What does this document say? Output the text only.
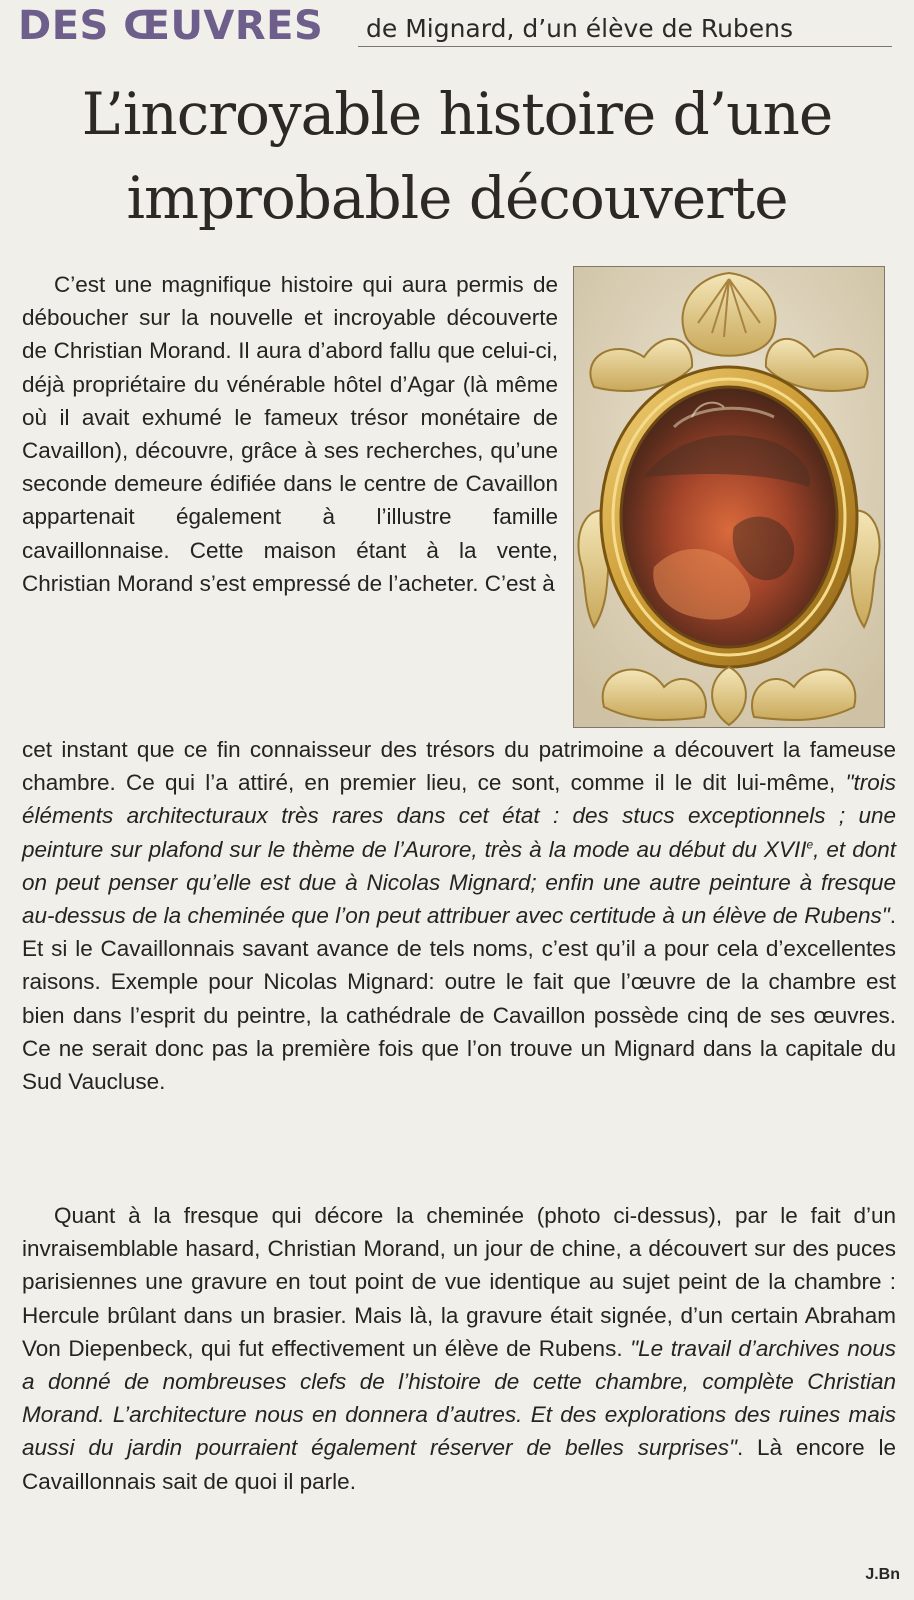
DES ŒUVRES de Mignard, d’un élève de Rubens
L’incroyable histoire d’une
improbable découverte
C’est une magnifique histoire qui aura permis de déboucher sur la nouvelle et incroyable découverte de Christian Morand. Il aura d’abord fallu que celui-ci, déjà propriétaire du vénérable hôtel d’Agar (là même où il avait exhumé le fameux trésor monétaire de Cavaillon), découvre, grâce à ses recherches, qu’une seconde demeure édifiée dans le centre de Cavaillon appartenait également à l’illustre famille cavaillonnaise. Cette maison étant à la vente, Christian Morand s’est empressé de l’acheter. C’est à
cet instant que ce fin connaisseur des trésors du patrimoine a découvert la fameuse chambre. Ce qui l’a attiré, en premier lieu, ce sont, comme il le dit lui-même, "trois éléments architecturaux très rares dans cet état : des stucs exceptionnels ; une peinture sur plafond sur le thème de l’Aurore, très à la mode au début du XVIIe, et dont on peut penser qu’elle est due à Nicolas Mignard; enfin une autre peinture à fresque au-dessus de la cheminée que l’on peut attribuer avec certitude à un élève de Rubens". Et si le Cavaillonnais savant avance de tels noms, c’est qu’il a pour cela d’excellentes raisons. Exemple pour Nicolas Mignard: outre le fait que l’œuvre de la chambre est bien dans l’esprit du peintre, la cathédrale de Cavaillon possède cinq de ses œuvres. Ce ne serait donc pas la première fois que l’on trouve un Mignard dans la capitale du Sud Vaucluse.
Quant à la fresque qui décore la cheminée (photo ci-dessus), par le fait d’un invraisemblable hasard, Christian Morand, un jour de chine, a découvert sur des puces parisiennes une gravure en tout point de vue identique au sujet peint de la chambre : Hercule brûlant dans un brasier. Mais là, la gravure était signée, d’un certain Abraham Von Diepenbeck, qui fut effectivement un élève de Rubens. "Le travail d’archives nous a donné de nombreuses clefs de l’histoire de cette chambre, complète Christian Morand. L’architecture nous en donnera d’autres. Et des explorations des ruines mais aussi du jardin pourraient également réserver de belles surprises". Là encore le Cavaillonnais sait de quoi il parle.
J.Bn
